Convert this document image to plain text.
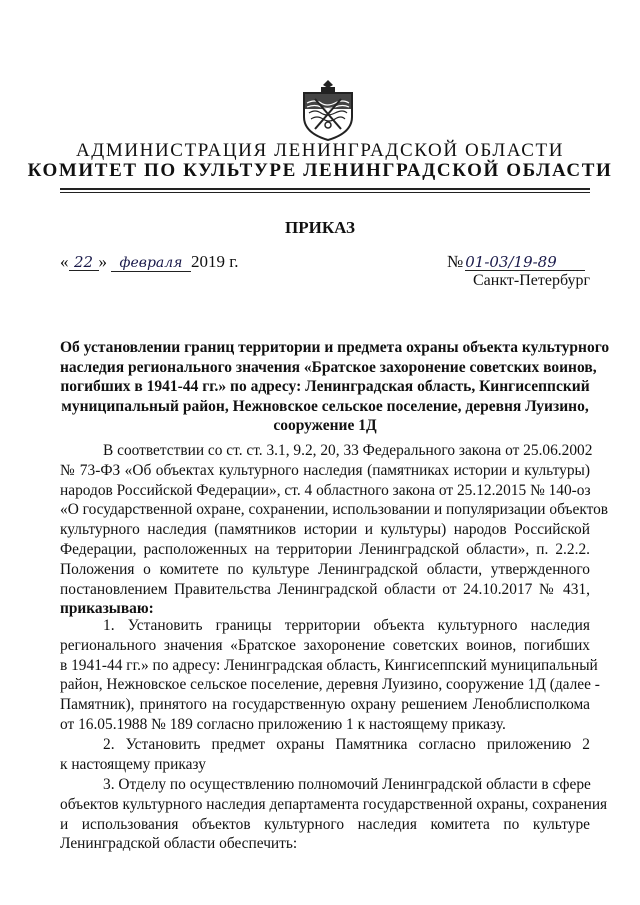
АДМИНИСТРАЦИЯ ЛЕНИНГРАДСКОЙ ОБЛАСТИ
КОМИТЕТ ПО КУЛЬТУРЕ ЛЕНИНГРАДСКОЙ ОБЛАСТИ
ПРИКАЗ
« 22 » февраля 2019 г.	№ 01-03/19-89
Санкт-Петербург
Об установлении границ территории и предмета охраны объекта культурного
наследия регионального значения «Братское захоронение советских воинов,
погибших в 1941-44 гг.» по адресу: Ленинградская область, Кингисеппский
муниципальный район, Нежновское сельское поселение, деревня Луизино,
сооружение 1Д
В соответствии со ст. ст. 3.1, 9.2, 20, 33 Федерального закона от 25.06.2002
№ 73-ФЗ «Об объектах культурного наследия (памятниках истории и культуры)
народов Российской Федерации», ст. 4 областного закона от 25.12.2015 № 140-оз
«О государственной охране, сохранении, использовании и популяризации объектов
культурного наследия (памятников истории и культуры) народов Российской
Федерации, расположенных на территории Ленинградской области», п. 2.2.2.
Положения о комитете по культуре Ленинградской области, утвержденного
постановлением Правительства Ленинградской области от 24.10.2017 № 431,
приказываю:
1. Установить границы территории объекта культурного наследия
регионального значения «Братское захоронение советских воинов, погибших
в 1941-44 гг.» по адресу: Ленинградская область, Кингисеппский муниципальный
район, Нежновское сельское поселение, деревня Луизино, сооружение 1Д (далее -
Памятник), принятого на государственную охрану решением Леноблисполкома
от 16.05.1988 № 189 согласно приложению 1 к настоящему приказу.
2. Установить предмет охраны Памятника согласно приложению 2
к настоящему приказу
3. Отделу по осуществлению полномочий Ленинградской области в сфере
объектов культурного наследия департамента государственной охраны, сохранения
и использования объектов культурного наследия комитета по культуре
Ленинградской области обеспечить:
